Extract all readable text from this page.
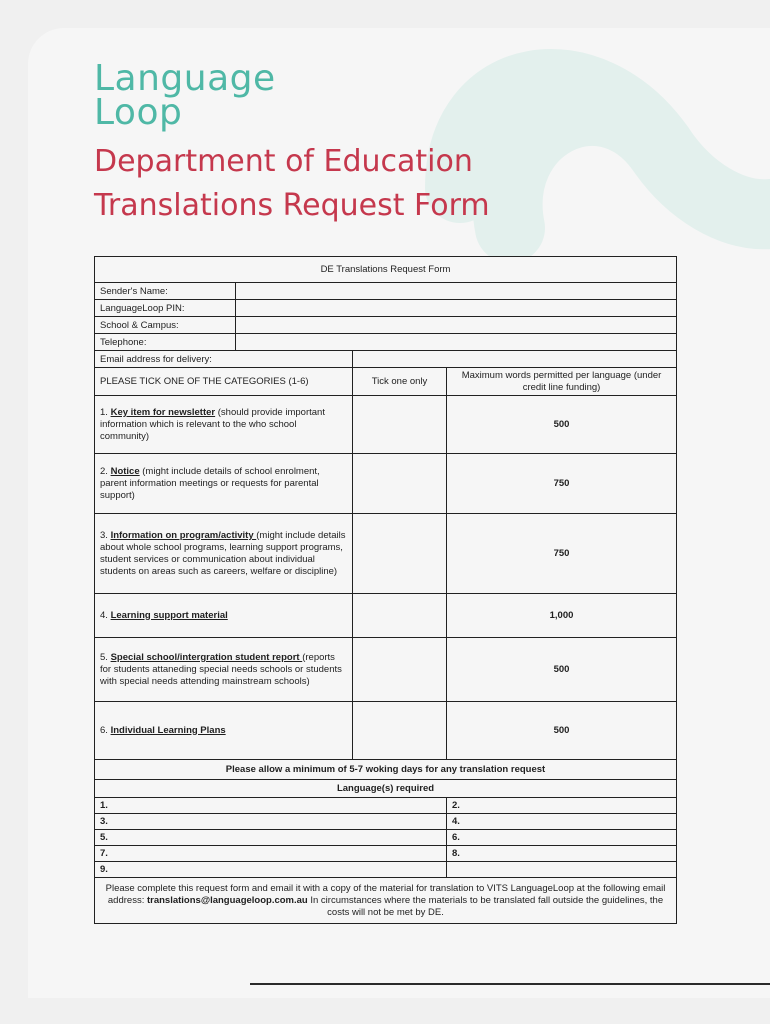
Language
Loop
Department of Education
Translations Request Form
DE Translations Request Form			
Sender's Name:			
LanguageLoop PIN:			
School & Campus:			
Telephone:			
Email address for delivery:			
PLEASE TICK ONE OF THE CATEGORIES (1-6)		Tick one only	Maximum words permitted per language (under credit line funding)
1. Key item for newsletter (should provide important information which is relevant to the who school community)			500
2. Notice (might include details of school enrolment, parent information meetings or requests for parental support)			750
3. Information on program/activity (might include details about whole school programs, learning support programs, student services or communication about individual students on areas such as careers, welfare or discipline)			750
4. Learning support material			1,000
5. Special school/intergration student report (reports for students attaneding special needs schools or students with special needs attending mainstream schools)			500
6. Individual Learning Plans			500
Please allow a minimum of 5-7 woking days for any translation request			
Language(s) required			
1.			2.
3.			4.
5.			6.
7.			8.
9.			
Please complete this request form and email it with a copy of the material for translation to VITS LanguageLoop at the following email address: translations@languageloop.com.au In circumstances where the materials to be translated fall outside the guidelines, the costs will not be met by DE.			
